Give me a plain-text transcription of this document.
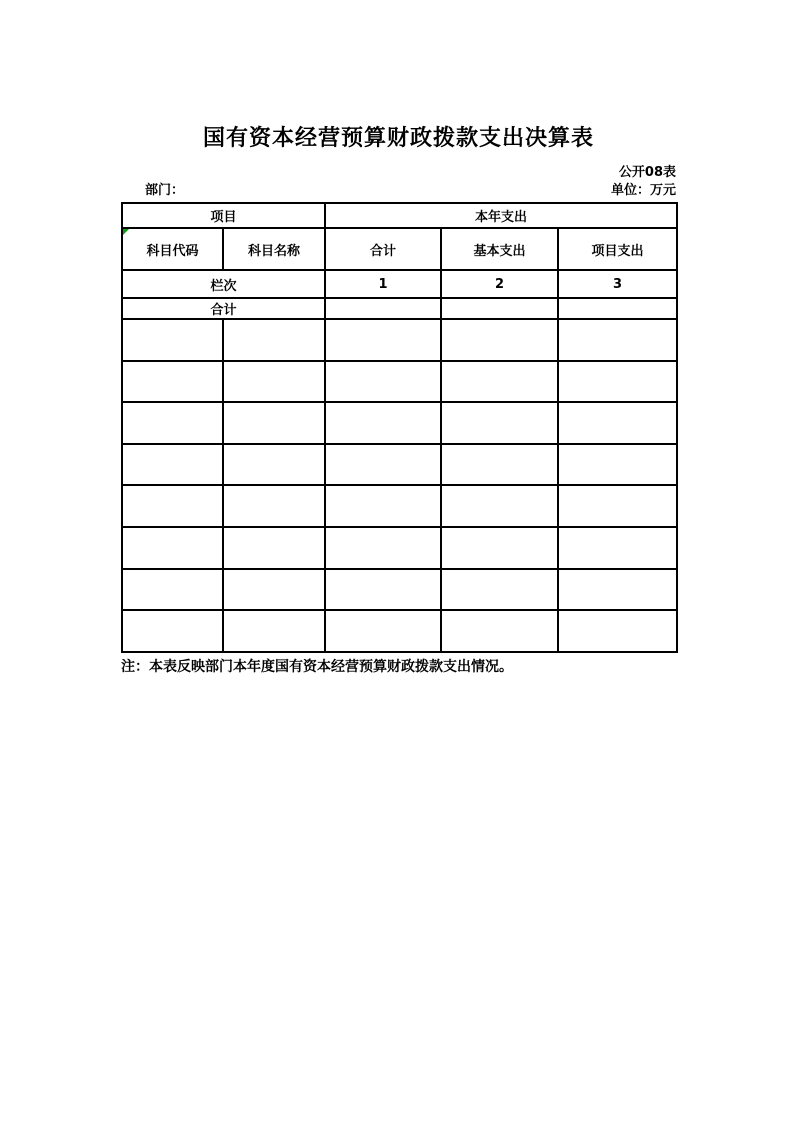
国有资本经营预算财政拨款支出决算表
公开08表
部门：	单位：万元
项目		本年支出		

科目代码	科目名称	合计	基本支出	项目支出
栏次		1	2	3
合计				

注：本表反映部门本年度国有资本经营预算财政拨款支出情况。
